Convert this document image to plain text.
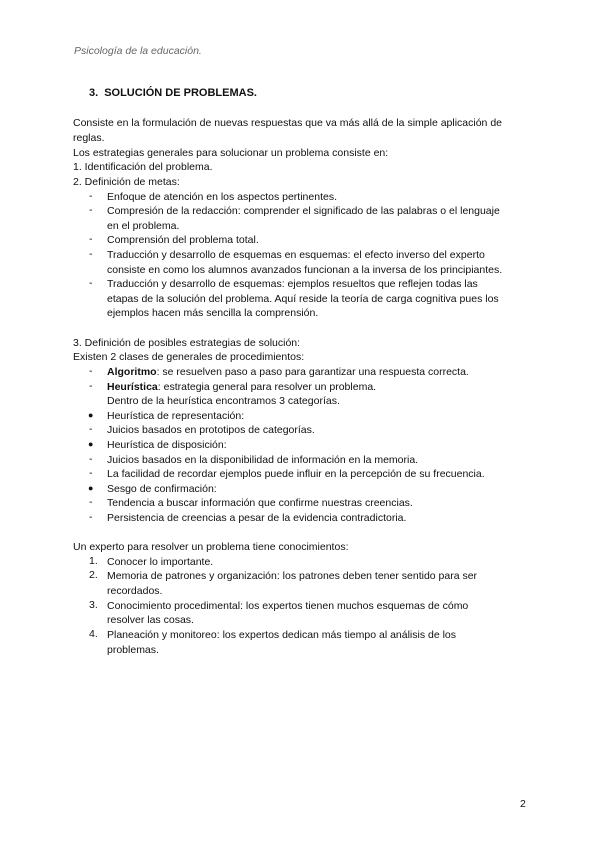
Psicología de la educación.
3. SOLUCIÓN DE PROBLEMAS.
Consiste en la formulación de nuevas respuestas que va más allá de la simple aplicación de
reglas.
Los estrategias generales para solucionar un problema consiste en:
1. Identificación del problema.
2. Definición de metas:
- Enfoque de atención en los aspectos pertinentes.
- Compresión de la redacción: comprender el significado de las palabras o el lenguaje
en el problema.
- Comprensión del problema total.
- Traducción y desarrollo de esquemas en esquemas: el efecto inverso del experto
consiste en como los alumnos avanzados funcionan a la inversa de los principiantes.
- Traducción y desarrollo de esquemas: ejemplos resueltos que reflejen todas las
etapas de la solución del problema. Aquí reside la teoría de carga cognitiva pues los
ejemplos hacen más sencilla la comprensión.
3. Definición de posibles estrategias de solución:
Existen 2 clases de generales de procedimientos:
- Algoritmo: se resuelven paso a paso para garantizar una respuesta correcta.
- Heurística: estrategia general para resolver un problema.
Dentro de la heurística encontramos 3 categorías.
● Heurística de representación:
- Juicios basados en prototipos de categorías.
● Heurística de disposición:
- Juicios basados en la disponibilidad de información en la memoria.
- La facilidad de recordar ejemplos puede influir en la percepción de su frecuencia.
● Sesgo de confirmación:
- Tendencia a buscar información que confirme nuestras creencias.
- Persistencia de creencias a pesar de la evidencia contradictoria.
Un experto para resolver un problema tiene conocimientos:
1. Conocer lo importante.
2. Memoria de patrones y organización: los patrones deben tener sentido para ser
recordados.
3. Conocimiento procedimental: los expertos tienen muchos esquemas de cómo
resolver las cosas.
4. Planeación y monitoreo: los expertos dedican más tiempo al análisis de los
problemas.
2
